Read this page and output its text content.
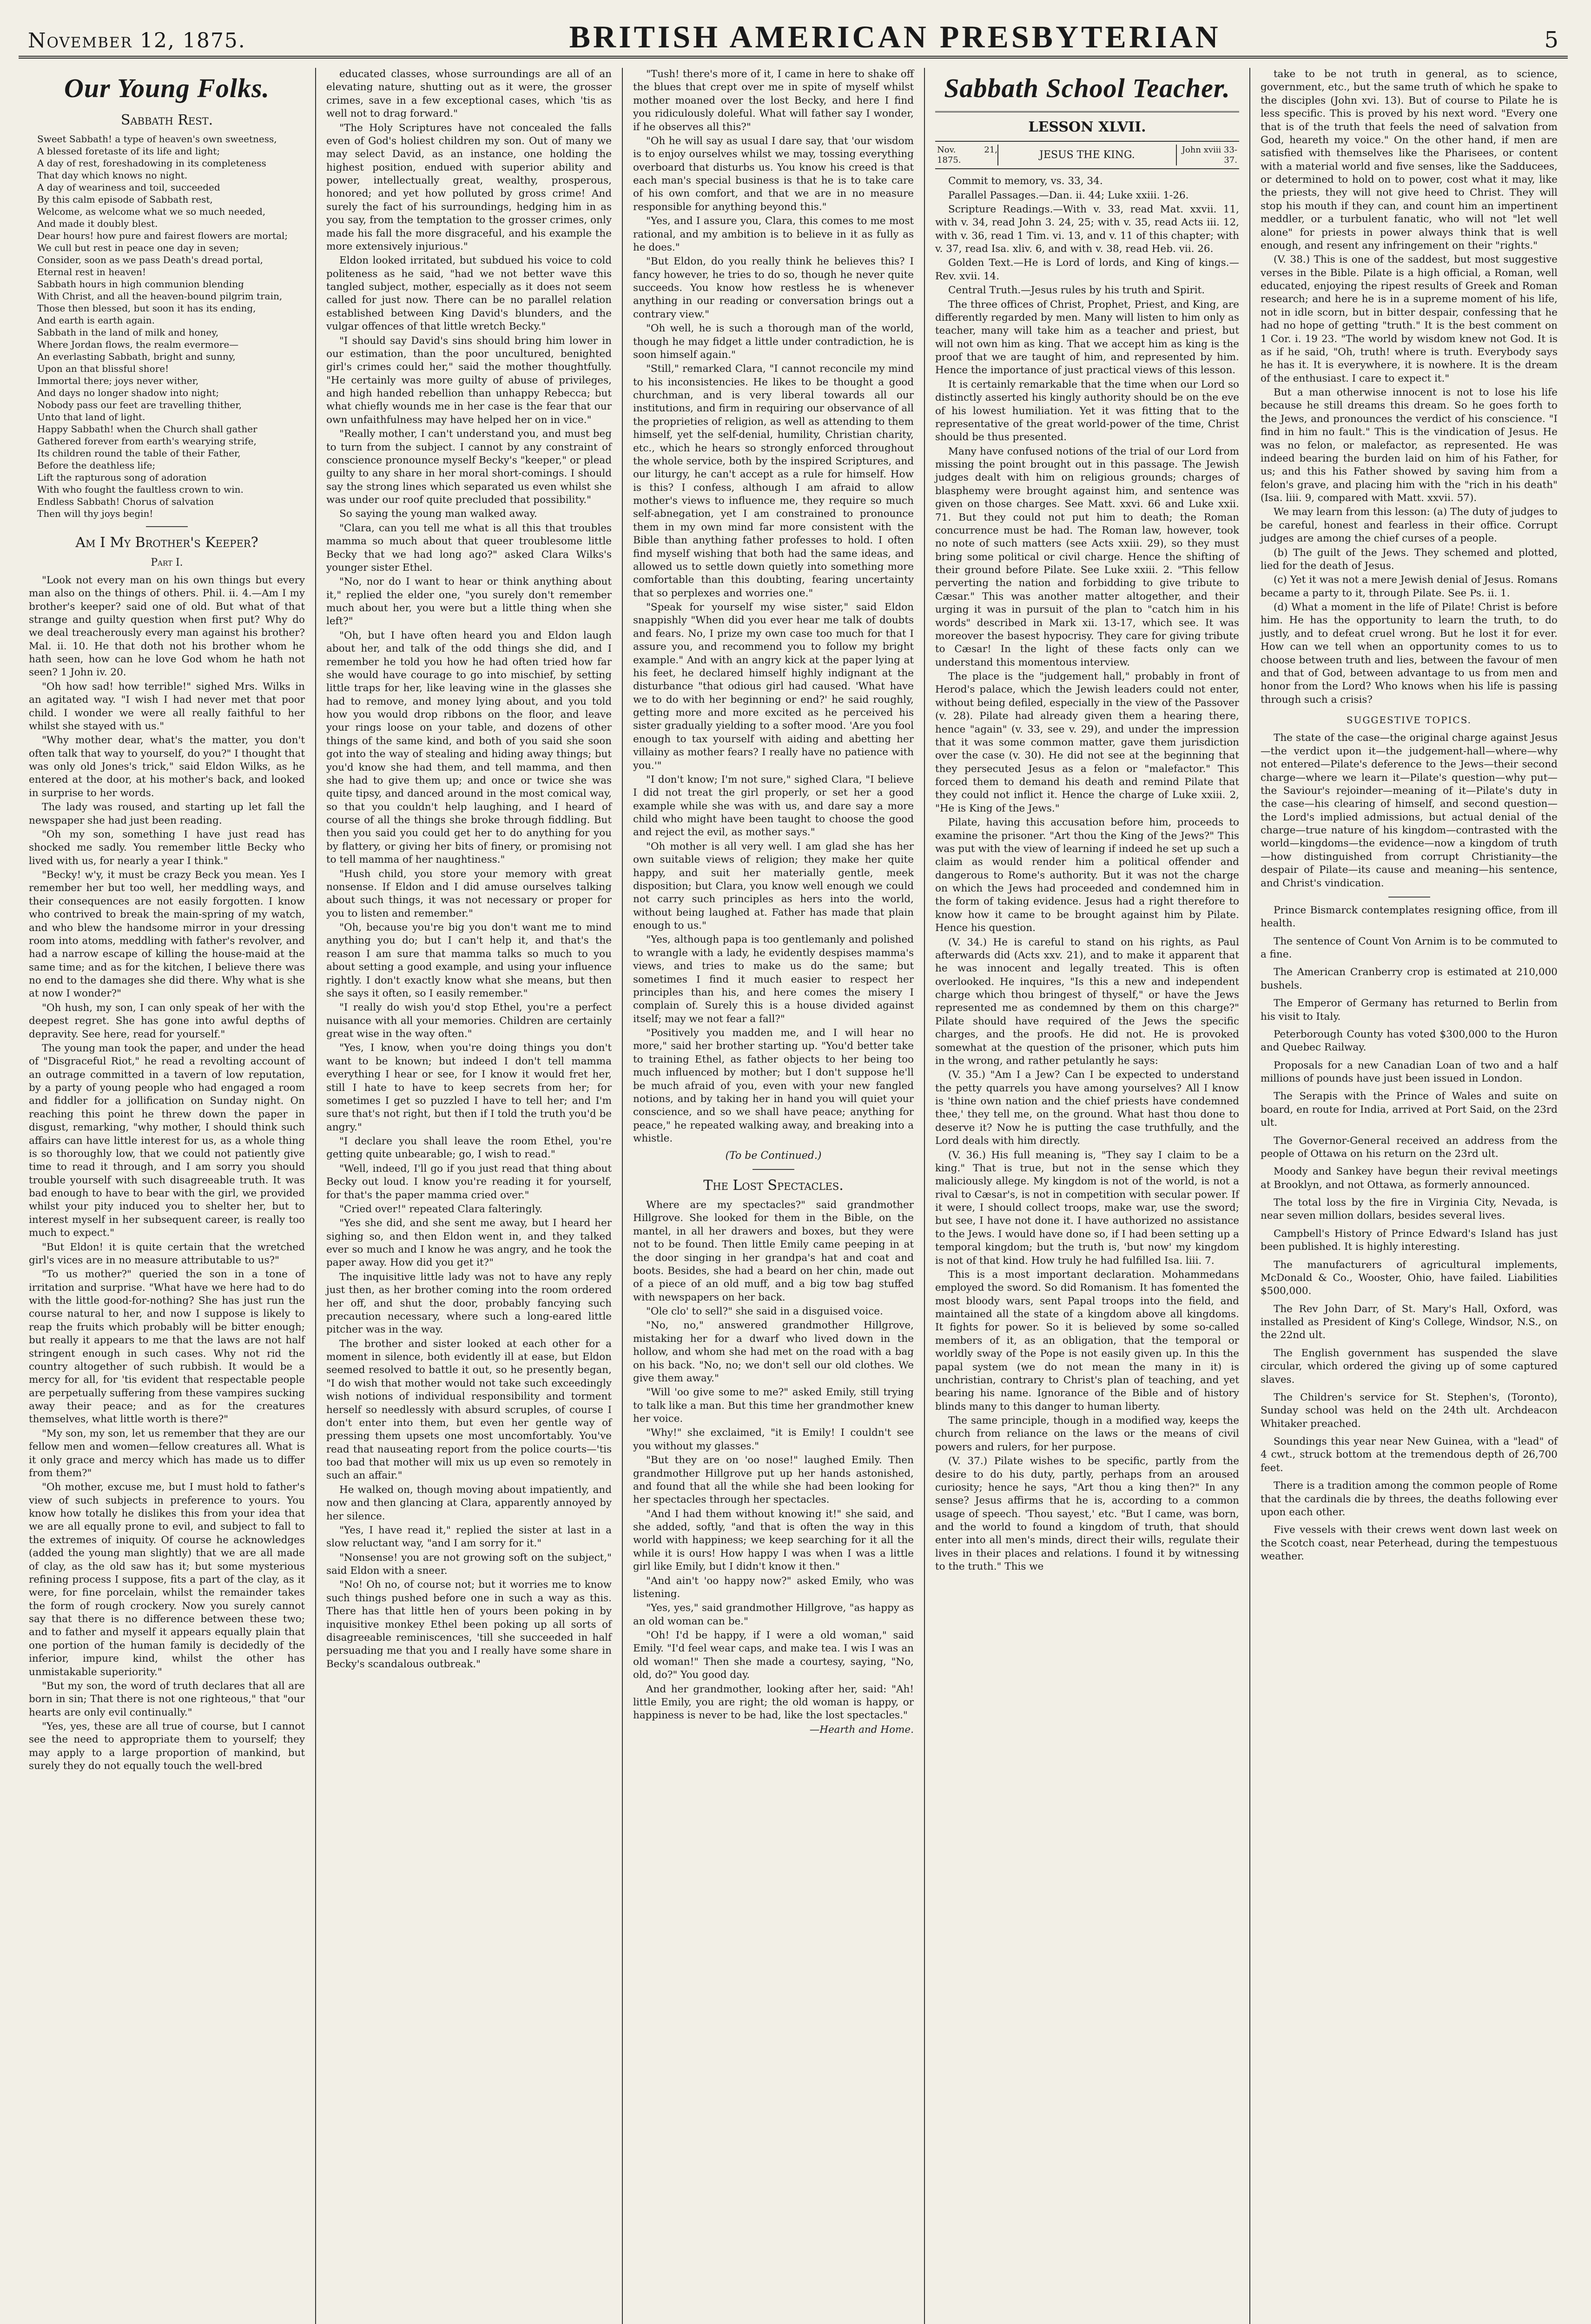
November 12, 1875.	BRITISH AMERICAN PRESBYTERIAN	5
Our Young Folks.
Sabbath Rest.

Sweet Sabbath! a type of heaven's own sweetness,

A blessed foretaste of its life and light;

A day of rest, foreshadowing in its completeness

That day which knows no night.

A day of weariness and toil, succeeded

By this calm episode of Sabbath rest,

Welcome, as welcome what we so much needed,

And made it doubly blest.

Dear hours! how pure and fairest flowers are mortal;

We cull but rest in peace one day in seven;

Consider, soon as we pass Death's dread portal,

Eternal rest in heaven!

Sabbath hours in high communion blending

With Christ, and all the heaven-bound pilgrim train,

Those then blessed, but soon it has its ending,

And earth is earth again.

Sabbath in the land of milk and honey,

Where Jordan flows, the realm evermore—

An everlasting Sabbath, bright and sunny,

Upon an that blissful shore!

Immortal there; joys never wither,

And days no longer shadow into night;

Nobody pass our feet are travelling thither,

Unto that land of light.

Happy Sabbath! when the Church shall gather

Gathered forever from earth's wearying strife,

Its children round the table of their Father,

Before the deathless life;

Lift the rapturous song of adoration

With who fought the faultless crown to win.

Endless Sabbath! Chorus of salvation

Then will thy joys begin!

Am I My Brother's Keeper?
Part I.

"Look not every man on his own things but every man also on the things of others. Phil. ii. 4.—Am I my brother's keeper? said one of old. But what of that strange and guilty question when first put? Why do we deal treacherously every man against his brother? Mal. ii. 10. He that doth not his brother whom he hath seen, how can he love God whom he hath not seen? 1 John iv. 20.

"Oh how sad! how terrible!" sighed Mrs. Wilks in an agitated way. "I wish I had never met that poor child. I wonder we were all really faithful to her whilst she stayed with us."

"Why mother dear, what's the matter, you don't often talk that way to yourself, do you?" I thought that was only old Jones's trick," said Eldon Wilks, as he entered at the door, at his mother's back, and looked in surprise to her words.

The lady was roused, and starting up let fall the newspaper she had just been reading.

"Oh my son, something I have just read has shocked me sadly. You remember little Becky who lived with us, for nearly a year I think."

"Becky! w'y, it must be crazy Beck you mean. Yes I remember her but too well, her meddling ways, and their consequences are not easily forgotten. I know who contrived to break the main-spring of my watch, and who blew the handsome mirror in your dressing room into atoms, meddling with father's revolver, and had a narrow escape of killing the house-maid at the same time; and as for the kitchen, I believe there was no end to the damages she did there. Why what is she at now I wonder?"

"Oh hush, my son, I can only speak of her with the deepest regret. She has gone into awful depths of depravity. See here, read for yourself."

The young man took the paper, and under the head of "Disgraceful Riot," he read a revolting account of an outrage committed in a tavern of low reputation, by a party of young people who had engaged a room and fiddler for a jollification on Sunday night. On reaching this point he threw down the paper in disgust, remarking, "why mother, I should think such affairs can have little interest for us, as a whole thing is so thoroughly low, that we could not patiently give time to read it through, and I am sorry you should trouble yourself with such disagreeable truth. It was bad enough to have to bear with the girl, we provided whilst your pity induced you to shelter her, but to interest myself in her subsequent career, is really too much to expect."

"But Eldon! it is quite certain that the wretched girl's vices are in no measure attributable to us?"

"To us mother?" queried the son in a tone of irritation and surprise. "What have we here had to do with the little good-for-nothing? She has just run the course natural to her, and now I suppose is likely to reap the fruits which probably will be bitter enough; but really it appears to me that the laws are not half stringent enough in such cases. Why not rid the country altogether of such rubbish. It would be a mercy for all, for 'tis evident that respectable people are perpetually suffering from these vampires sucking away their peace; and as for the creatures themselves, what little worth is there?"

"My son, my son, let us remember that they are our fellow men and women—fellow creatures all. What is it only grace and mercy which has made us to differ from them?"

"Oh mother, excuse me, but I must hold to father's view of such subjects in preference to yours. You know how totally he dislikes this from your idea that we are all equally prone to evil, and subject to fall to the extremes of iniquity. Of course he acknowledges (added the young man slightly) that we are all made of clay, as the old saw has it; but some mysterious refining process I suppose, fits a part of the clay, as it were, for fine porcelain, whilst the remainder takes the form of rough crockery. Now you surely cannot say that there is no difference between these two; and to father and myself it appears equally plain that one portion of the human family is decidedly of the inferior, impure kind, whilst the other has unmistakable superiority."

"But my son, the word of truth declares that all are born in sin; That there is not one righteous," that "our hearts are only evil continually."

"Yes, yes, these are all true of course, but I cannot see the need to appropriate them to yourself; they may apply to a large proportion of mankind, but surely they do not equally touch the well-bred

educated classes, whose surroundings are all of an elevating nature, shutting out as it were, the grosser crimes, save in a few exceptional cases, which 'tis as well not to drag forward."

"The Holy Scriptures have not concealed the falls even of God's holiest children my son. Out of many we may select David, as an instance, one holding the highest position, endued with superior ability and power, intellectually great, wealthy, prosperous, honored; and yet how polluted by gross crime! And surely the fact of his surroundings, hedging him in as you say, from the temptation to the grosser crimes, only made his fall the more disgraceful, and his example the more extensively injurious."

Eldon looked irritated, but subdued his voice to cold politeness as he said, "had we not better wave this tangled subject, mother, especially as it does not seem called for just now. There can be no parallel relation established between King David's blunders, and the vulgar offences of that little wretch Becky."

"I should say David's sins should bring him lower in our estimation, than the poor uncultured, benighted girl's crimes could her," said the mother thoughtfully. "He certainly was more guilty of abuse of privileges, and high handed rebellion than unhappy Rebecca; but what chiefly wounds me in her case is the fear that our own unfaithfulness may have helped her on in vice."

"Really mother, I can't understand you, and must beg to turn from the subject. I cannot by any constraint of conscience pronounce myself Becky's "keeper," or plead guilty to any share in her moral short-comings. I should say the strong lines which separated us even whilst she was under our roof quite precluded that possibility."

So saying the young man walked away.

"Clara, can you tell me what is all this that troubles mamma so much about that queer troublesome little Becky that we had long ago?" asked Clara Wilks's younger sister Ethel.

"No, nor do I want to hear or think anything about it," replied the elder one, "you surely don't remember much about her, you were but a little thing when she left?"

"Oh, but I have often heard you and Eldon laugh about her, and talk of the odd things she did, and I remember he told you how he had often tried how far she would have courage to go into mischief, by setting little traps for her, like leaving wine in the glasses she had to remove, and money lying about, and you told how you would drop ribbons on the floor, and leave your rings loose on your table, and dozens of other things of the same kind, and both of you said she soon got into the way of stealing and hiding away things; but you'd know she had them, and tell mamma, and then she had to give them up; and once or twice she was quite tipsy, and danced around in the most comical way, so that you couldn't help laughing, and I heard of course of all the things she broke through fiddling. But then you said you could get her to do anything for you by flattery, or giving her bits of finery, or promising not to tell mamma of her naughtiness."

"Hush child, you store your memory with great nonsense. If Eldon and I did amuse ourselves talking about such things, it was not necessary or proper for you to listen and remember."

"Oh, because you're big you don't want me to mind anything you do; but I can't help it, and that's the reason I am sure that mamma talks so much to you about setting a good example, and using your influence rightly. I don't exactly know what she means, but then she says it often, so I easily remember."

"I really do wish you'd stop Ethel, you're a perfect nuisance with all your memories. Children are certainly great wise in the way often."

"Yes, I know, when you're doing things you don't want to be known; but indeed I don't tell mamma everything I hear or see, for I know it would fret her, still I hate to have to keep secrets from her; for sometimes I get so puzzled I have to tell her; and I'm sure that's not right, but then if I told the truth you'd be angry."

"I declare you shall leave the room Ethel, you're getting quite unbearable; go, I wish to read."

"Well, indeed, I'll go if you just read that thing about Becky out loud. I know you're reading it for yourself, for that's the paper mamma cried over."

"Cried over!" repeated Clara falteringly.

"Yes she did, and she sent me away, but I heard her sighing so, and then Eldon went in, and they talked ever so much and I know he was angry, and he took the paper away. How did you get it?"

The inquisitive little lady was not to have any reply just then, as her brother coming into the room ordered her off, and shut the door, probably fancying such precaution necessary, where such a long-eared little pitcher was in the way.

The brother and sister looked at each other for a moment in silence, both evidently ill at ease, but Eldon seemed resolved to battle it out, so he presently began, "I do wish that mother would not take such exceedingly wish notions of individual responsibility and torment herself so needlessly with absurd scruples, of course I don't enter into them, but even her gentle way of pressing them upsets one most uncomfortably. You've read that nauseating report from the police courts—'tis too bad that mother will mix us up even so remotely in such an affair."

He walked on, though moving about impatiently, and now and then glancing at Clara, apparently annoyed by her silence.

"Yes, I have read it," replied the sister at last in a slow reluctant way, "and I am sorry for it."

"Nonsense! you are not growing soft on the subject," said Eldon with a sneer.

"No! Oh no, of course not; but it worries me to know such things pushed before one in such a way as this. There has that little hen of yours been poking in by inquisitive monkey Ethel been poking up all sorts of disagreeable reminiscences, 'till she succeeded in half persuading me that you and I really have some share in Becky's scandalous outbreak."

"Tush! there's more of it, I came in here to shake off the blues that crept over me in spite of myself whilst mother moaned over the lost Becky, and here I find you ridiculously doleful. What will father say I wonder, if he observes all this?"

"Oh he will say as usual I dare say, that 'our wisdom is to enjoy ourselves whilst we may, tossing everything overboard that disturbs us. You know his creed is that each man's special business is that he is to take care of his own comfort, and that we are in no measure responsible for anything beyond this."

"Yes, and I assure you, Clara, this comes to me most rational, and my ambition is to believe in it as fully as he does."

"But Eldon, do you really think he believes this? I fancy however, he tries to do so, though he never quite succeeds. You know how restless he is whenever anything in our reading or conversation brings out a contrary view."

"Oh well, he is such a thorough man of the world, though he may fidget a little under contradiction, he is soon himself again."

"Still," remarked Clara, "I cannot reconcile my mind to his inconsistencies. He likes to be thought a good churchman, and is very liberal towards all our institutions, and firm in requiring our observance of all the proprieties of religion, as well as attending to them himself, yet the self-denial, humility, Christian charity, etc., which he hears so strongly enforced throughout the whole service, both by the inspired Scriptures, and our liturgy, he can't accept as a rule for himself. How is this? I confess, although I am afraid to allow mother's views to influence me, they require so much self-abnegation, yet I am constrained to pronounce them in my own mind far more consistent with the Bible than anything father professes to hold. I often find myself wishing that both had the same ideas, and allowed us to settle down quietly into something more comfortable than this doubting, fearing uncertainty that so perplexes and worries one."

"Speak for yourself my wise sister," said Eldon snappishly "When did you ever hear me talk of doubts and fears. No, I prize my own case too much for that I assure you, and recommend you to follow my bright example." And with an angry kick at the paper lying at his feet, he declared himself highly indignant at the disturbance "that odious girl had caused. 'What have we to do with her beginning or end?' he said roughly, getting more and more excited as he perceived his sister gradually yielding to a softer mood. 'Are you fool enough to tax yourself with aiding and abetting her villainy as mother fears? I really have no patience with you.'"

"I don't know; I'm not sure," sighed Clara, "I believe I did not treat the girl properly, or set her a good example while she was with us, and dare say a more child who might have been taught to choose the good and reject the evil, as mother says."

"Oh mother is all very well. I am glad she has her own suitable views of religion; they make her quite happy, and suit her materially gentle, meek disposition; but Clara, you know well enough we could not carry such principles as hers into the world, without being laughed at. Father has made that plain enough to us."

"Yes, although papa is too gentlemanly and polished to wrangle with a lady, he evidently despises mamma's views, and tries to make us do the same; but sometimes I find it much easier to respect her principles than his, and here comes the misery I complain of. Surely this is a house divided against itself; may we not fear a fall?"

"Positively you madden me, and I will hear no more," said her brother starting up. "You'd better take to training Ethel, as father objects to her being too much influenced by mother; but I don't suppose he'll be much afraid of you, even with your new fangled notions, and by taking her in hand you will quiet your conscience, and so we shall have peace; anything for peace," he repeated walking away, and breaking into a whistle.

(To be Continued.)
The Lost Spectacles.

Where are my spectacles?" said grandmother Hillgrove. She looked for them in the Bible, on the mantel, in all her drawers and boxes, but they were not to be found. Then little Emily came peeping in at the door singing in her grandpa's hat and coat and boots. Besides, she had a beard on her chin, made out of a piece of an old muff, and a big tow bag stuffed with newspapers on her back.

"Ole clo' to sell?" she said in a disguised voice.

"No, no," answered grandmother Hillgrove, mistaking her for a dwarf who lived down in the hollow, and whom she had met on the road with a bag on his back. "No, no; we don't sell our old clothes. We give them away."

"Will 'oo give some to me?" asked Emily, still trying to talk like a man. But this time her grandmother knew her voice.

"Why!" she exclaimed, "it is Emily! I couldn't see you without my glasses."

"But they are on 'oo nose!" laughed Emily. Then grandmother Hillgrove put up her hands astonished, and found that all the while she had been looking for her spectacles through her spectacles.

"And I had them without knowing it!" she said, and she added, softly, "and that is often the way in this world with happiness; we keep searching for it all the while it is ours! How happy I was when I was a little girl like Emily, but I didn't know it then."

"And ain't 'oo happy now?" asked Emily, who was listening.

"Yes, yes," said grandmother Hillgrove, "as happy as an old woman can be."

"Oh! I'd be happy, if I were a old woman," said Emily. "I'd feel wear caps, and make tea. I wis I was an old woman!" Then she made a courtesy, saying, "No, old, do?" You good day.

And her grandmother, looking after her, said: "Ah! little Emily, you are right; the old woman is happy, or happiness is never to be had, like the lost spectacles."

—Hearth and Home.

Sabbath School Teacher.
LESSON XLVII.
Nov. 21, 1875.	JESUS THE KING.	John xviii 33-37.

Commit to memory, vs. 33, 34.

Parallel Passages.—Dan. ii. 44; Luke xxiii. 1-26.

Scripture Readings.—With v. 33, read Mat. xxvii. 11, with v. 34, read John 3. 24, 25; with v. 35, read Acts iii. 12, with v. 36, read 1 Tim. vi. 13, and v. 11 of this chapter; with v. 37, read Isa. xliv. 6, and with v. 38, read Heb. vii. 26.

Golden Text.—He is Lord of lords, and King of kings.—Rev. xvii. 14.

Central Truth.—Jesus rules by his truth and Spirit.

The three offices of Christ, Prophet, Priest, and King, are differently regarded by men. Many will listen to him only as teacher, many will take him as a teacher and priest, but will not own him as king. That we accept him as king is the proof that we are taught of him, and represented by him. Hence the importance of just practical views of this lesson.

It is certainly remarkable that the time when our Lord so distinctly asserted his kingly authority should be on the eve of his lowest humiliation. Yet it was fitting that to the representative of the great world-power of the time, Christ should be thus presented.

Many have confused notions of the trial of our Lord from missing the point brought out in this passage. The Jewish judges dealt with him on religious grounds; charges of blasphemy were brought against him, and sentence was given on those charges. See Matt. xxvi. 66 and Luke xxii. 71. But they could not put him to death; the Roman concurrence must be had. The Roman law, however, took no note of such matters (see Acts xxiii. 29), so they must bring some political or civil charge. Hence the shifting of their ground before Pilate. See Luke xxiii. 2. "This fellow perverting the nation and forbidding to give tribute to Cæsar." This was another matter altogether, and their urging it was in pursuit of the plan to "catch him in his words" described in Mark xii. 13-17, which see. It was moreover the basest hypocrisy. They care for giving tribute to Cæsar! In the light of these facts only can we understand this momentous interview.

The place is the "judgement hall," probably in front of Herod's palace, which the Jewish leaders could not enter, without being defiled, especially in the view of the Passover (v. 28). Pilate had already given them a hearing there, hence "again" (v. 33, see v. 29), and under the impression that it was some common matter, gave them jurisdiction over the case (v. 30). He did not see at the beginning that they persecuted Jesus as a felon or "malefactor." This forced them to demand his death and remind Pilate that they could not inflict it. Hence the charge of Luke xxiii. 2, "He is King of the Jews."

Pilate, having this accusation before him, proceeds to examine the prisoner. "Art thou the King of the Jews?" This was put with the view of learning if indeed he set up such a claim as would render him a political offender and dangerous to Rome's authority. But it was not the charge on which the Jews had proceeded and condemned him in the form of taking evidence. Jesus had a right therefore to know how it came to be brought against him by Pilate. Hence his question.

(V. 34.) He is careful to stand on his rights, as Paul afterwards did (Acts xxv. 21), and to make it apparent that he was innocent and legally treated. This is often overlooked. He inquires, "Is this a new and independent charge which thou bringest of thyself," or have the Jews represented me as condemned by them on this charge?" Pilate should have required of the Jews the specific charges, and the proofs. He did not. He is provoked somewhat at the question of the prisoner, which puts him in the wrong, and rather petulantly he says:

(V. 35.) "Am I a Jew? Can I be expected to understand the petty quarrels you have among yourselves? All I know is 'thine own nation and the chief priests have condemned thee,' they tell me, on the ground. What hast thou done to deserve it? Now he is putting the case truthfully, and the Lord deals with him directly.

(V. 36.) His full meaning is, "They say I claim to be a king." That is true, but not in the sense which they maliciously allege. My kingdom is not of the world, is not a rival to Cæsar's, is not in competition with secular power. If it were, I should collect troops, make war, use the sword; but see, I have not done it. I have authorized no assistance to the Jews. I would have done so, if I had been setting up a temporal kingdom; but the truth is, 'but now' my kingdom is not of that kind. How truly he had fulfilled Isa. liii. 7.

This is a most important declaration. Mohammedans employed the sword. So did Romanism. It has fomented the most bloody wars, sent Papal troops into the field, and maintained all the state of a kingdom above all kingdoms. It fights for power. So it is believed by some so-called members of it, as an obligation, that the temporal or worldly sway of the Pope is not easily given up. In this the papal system (we do not mean the many in it) is unchristian, contrary to Christ's plan of teaching, and yet bearing his name. Ignorance of the Bible and of history blinds many to this danger to human liberty.

The same principle, though in a modified way, keeps the church from reliance on the laws or the means of civil powers and rulers, for her purpose.

(V. 37.) Pilate wishes to be specific, partly from the desire to do his duty, partly, perhaps from an aroused curiosity; hence he says, "Art thou a king then?" In any sense? Jesus affirms that he is, according to a common usage of speech. 'Thou sayest,' etc. "But I came, was born, and the world to found a kingdom of truth, that should enter into all men's minds, direct their wills, regulate their lives in their places and relations. I found it by witnessing to the truth." This we

take to be not truth in general, as to science, government, etc., but the same truth of which he spake to the disciples (John xvi. 13). But of course to Pilate he is less specific. This is proved by his next word. "Every one that is of the truth that feels the need of salvation from God, heareth my voice." On the other hand, if men are satisfied with themselves like the Pharisees, or content with a material world and five senses, like the Sadducees, or determined to hold on to power, cost what it may, like the priests, they will not give heed to Christ. They will stop his mouth if they can, and count him an impertinent meddler, or a turbulent fanatic, who will not "let well alone" for priests in power always think that is well enough, and resent any infringement on their "rights."

(V. 38.) This is one of the saddest, but most suggestive verses in the Bible. Pilate is a high official, a Roman, well educated, enjoying the ripest results of Greek and Roman research; and here he is in a supreme moment of his life, not in idle scorn, but in bitter despair, confessing that he had no hope of getting "truth." It is the best comment on 1 Cor. i. 19 23. "The world by wisdom knew not God. It is as if he said, "Oh, truth! where is truth. Everybody says he has it. It is everywhere, it is nowhere. It is the dream of the enthusiast. I care to expect it."

But a man otherwise innocent is not to lose his life because he still dreams this dream. So he goes forth to the Jews, and pronounces the verdict of his conscience. "I find in him no fault." This is the vindication of Jesus. He was no felon, or malefactor, as represented. He was indeed bearing the burden laid on him of his Father, for us; and this his Father showed by saving him from a felon's grave, and placing him with the "rich in his death" (Isa. liii. 9, compared with Matt. xxvii. 57).

We may learn from this lesson: (a) The duty of judges to be careful, honest and fearless in their office. Corrupt judges are among the chief curses of a people.

(b) The guilt of the Jews. They schemed and plotted, lied for the death of Jesus.

(c) Yet it was not a mere Jewish denial of Jesus. Romans became a party to it, through Pilate. See Ps. ii. 1.

(d) What a moment in the life of Pilate! Christ is before him. He has the opportunity to learn the truth, to do justly, and to defeat cruel wrong. But he lost it for ever. How can we tell when an opportunity comes to us to choose between truth and lies, between the favour of men and that of God, between advantage to us from men and honor from the Lord? Who knows when his life is passing through such a crisis?

SUGGESTIVE TOPICS.

The state of the case—the original charge against Jesus—the verdict upon it—the judgement-hall—where—why not entered—Pilate's deference to the Jews—their second charge—where we learn it—Pilate's question—why put—the Saviour's rejoinder—meaning of it—Pilate's duty in the case—his clearing of himself, and second question—the Lord's implied admissions, but actual denial of the charge—true nature of his kingdom—contrasted with the world—kingdoms—the evidence—now a kingdom of truth—how distinguished from corrupt Christianity—the despair of Pilate—its cause and meaning—his sentence, and Christ's vindication.

Prince Bismarck contemplates resigning office, from ill health.

The sentence of Count Von Arnim is to be commuted to a fine.

The American Cranberry crop is estimated at 210,000 bushels.

The Emperor of Germany has returned to Berlin from his visit to Italy.

Peterborough County has voted $300,000 to the Huron and Quebec Railway.

Proposals for a new Canadian Loan of two and a half millions of pounds have just been issued in London.

The Serapis with the Prince of Wales and suite on board, en route for India, arrived at Port Said, on the 23rd ult.

The Governor-General received an address from the people of Ottawa on his return on the 23rd ult.

Moody and Sankey have begun their revival meetings at Brooklyn, and not Ottawa, as formerly announced.

The total loss by the fire in Virginia City, Nevada, is near seven million dollars, besides several lives.

Campbell's History of Prince Edward's Island has just been published. It is highly interesting.

The manufacturers of agricultural implements, McDonald & Co., Wooster, Ohio, have failed. Liabilities $500,000.

The Rev John Darr, of St. Mary's Hall, Oxford, was installed as President of King's College, Windsor, N.S., on the 22nd ult.

The English government has suspended the slave circular, which ordered the giving up of some captured slaves.

The Children's service for St. Stephen's, (Toronto), Sunday school was held on the 24th ult. Archdeacon Whitaker preached.

Soundings this year near New Guinea, with a "lead" of 4 cwt., struck bottom at the tremendous depth of 26,700 feet.

There is a tradition among the common people of Rome that the cardinals die by threes, the deaths following ever upon each other.

Five vessels with their crews went down last week on the Scotch coast, near Peterhead, during the tempestuous weather.
